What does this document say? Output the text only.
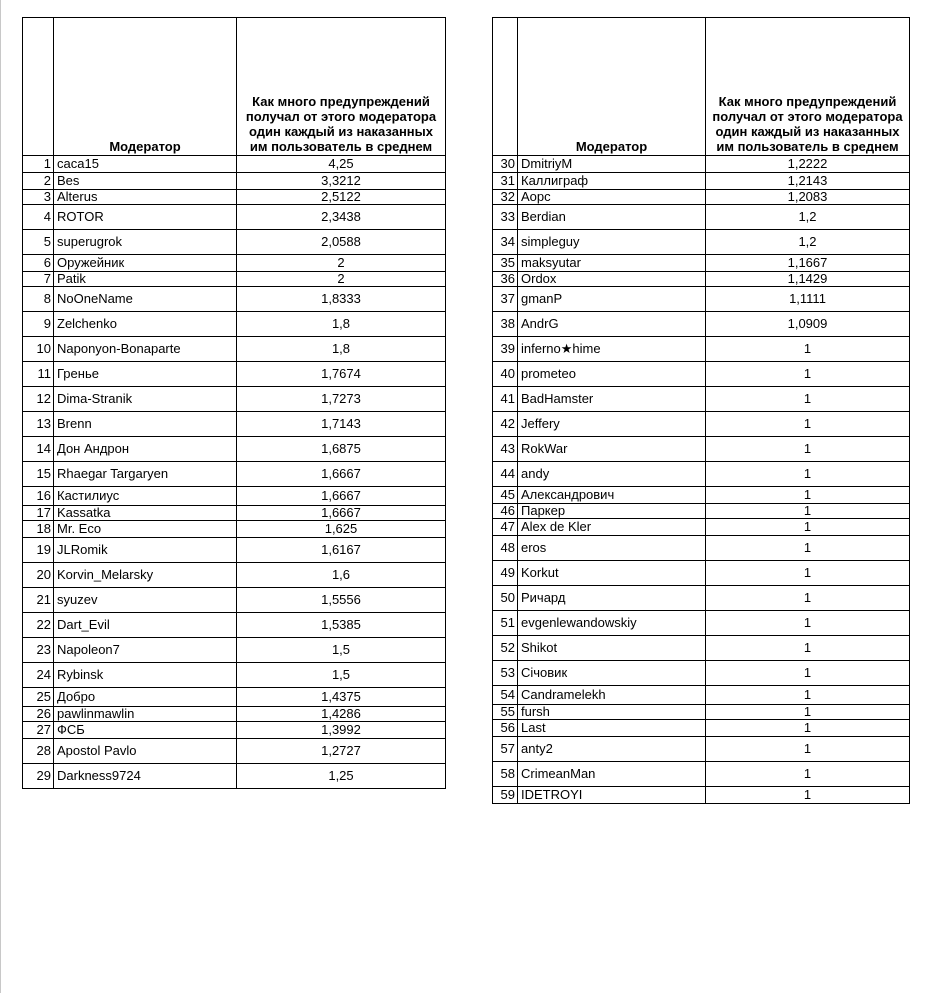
	Модератор	Как много предупреждений получал от этого модератора один каждый из наказанных им пользователь в среднем
1	caca15	4,25
2	Bes	3,3212
3	Alterus	2,5122
4	ROTOR	2,3438
5	superugrok	2,0588
6	Оружейник	2
7	Patik	2
8	NoOneName	1,8333
9	Zelchenko	1,8
10	Naponyon-Bonaparte	1,8
11	Гренье	1,7674
12	Dima-Stranik	1,7273
13	Brenn	1,7143
14	Дон Андрон	1,6875
15	Rhaegar Targaryen	1,6667
16	Кастилиус	1,6667
17	Kassatka	1,6667
18	Mr. Eco	1,625
19	JLRomik	1,6167
20	Korvin_Melarsky	1,6
21	syuzev	1,5556
22	Dart_Evil	1,5385
23	Napoleon7	1,5
24	Rybinsk	1,5
25	Добро	1,4375
26	pawlinmawlin	1,4286
27	ФСБ	1,3992
28	Apostol Pavlo	1,2727
29	Darkness9724	1,25
	Модератор	Как много предупреждений получал от этого модератора один каждый из наказанных им пользователь в среднем
30	DmitriyM	1,2222
31	Каллиграф	1,2143
32	Aopc	1,2083
33	Berdian	1,2
34	simpleguy	1,2
35	maksyutar	1,1667
36	Ordox	1,1429
37	gmanP	1,1111
38	AndrG	1,0909
39	inferno★hime	1
40	prometeo	1
41	BadHamster	1
42	Jeffery	1
43	RokWar	1
44	andy	1
45	Александрович	1
46	Паркер	1
47	Alex de Kler	1
48	eros	1
49	Korkut	1
50	Ричард	1
51	evgenlewandowskiy	1
52	Shikot	1
53	Січовик	1
54	Candramelekh	1
55	fursh	1
56	Last	1
57	anty2	1
58	CrimeanMan	1
59	IDETROYI	1
